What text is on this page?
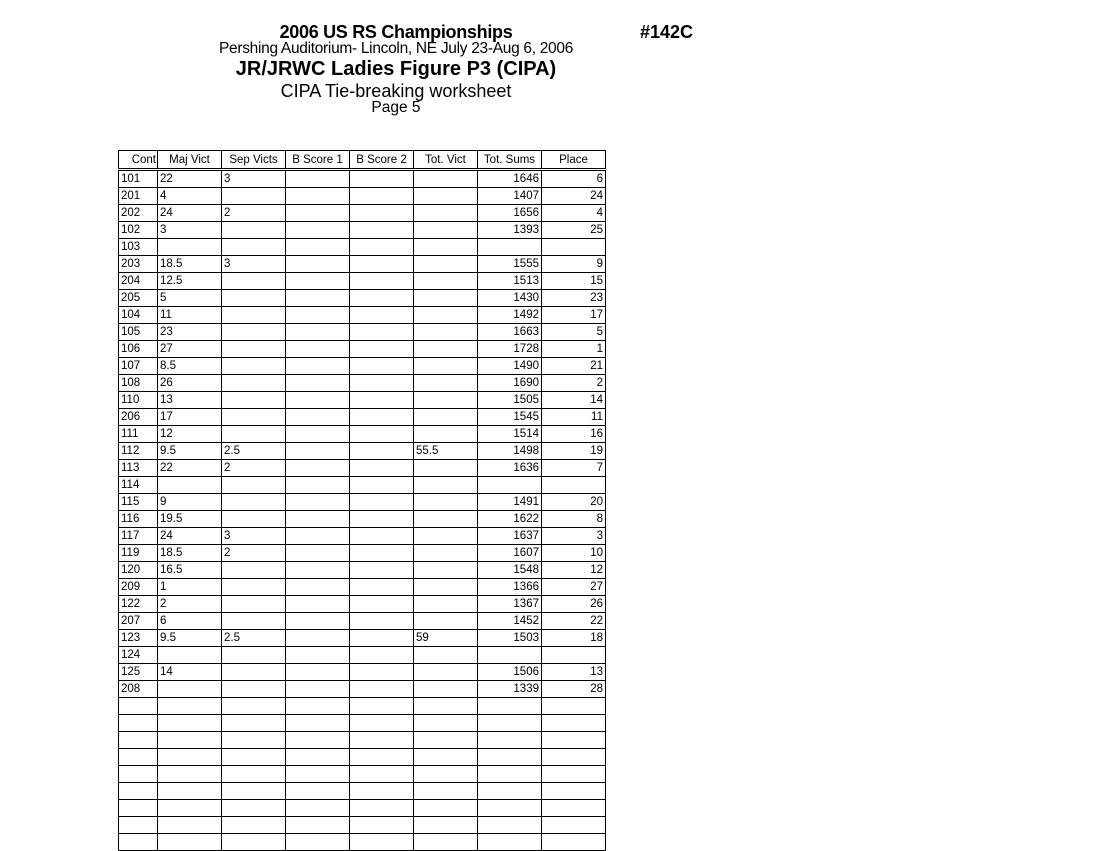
2006 US RS Championships
Pershing Auditorium- Lincoln, NE July 23-Aug 6, 2006
JR/JRWC Ladies Figure P3 (CIPA)
CIPA Tie-breaking worksheet
Page 5
#142C
Cont	Maj Vict	Sep Victs	B Score 1	B Score 2	Tot. Vict	Tot. Sums	Place
101	22	3				1646	6
201	4					1407	24
202	24	2				1656	4
102	3					1393	25
103							
203	18.5	3				1555	9
204	12.5					1513	15
205	5					1430	23
104	11					1492	17
105	23					1663	5
106	27					1728	1
107	8.5					1490	21
108	26					1690	2
110	13					1505	14
206	17					1545	11
111	12					1514	16
112	9.5	2.5			55.5	1498	19
113	22	2				1636	7
114							
115	9					1491	20
116	19.5					1622	8
117	24	3				1637	3
119	18.5	2				1607	10
120	16.5					1548	12
209	1					1366	27
122	2					1367	26
207	6					1452	22
123	9.5	2.5			59	1503	18
124							
125	14					1506	13
208						1339	28
